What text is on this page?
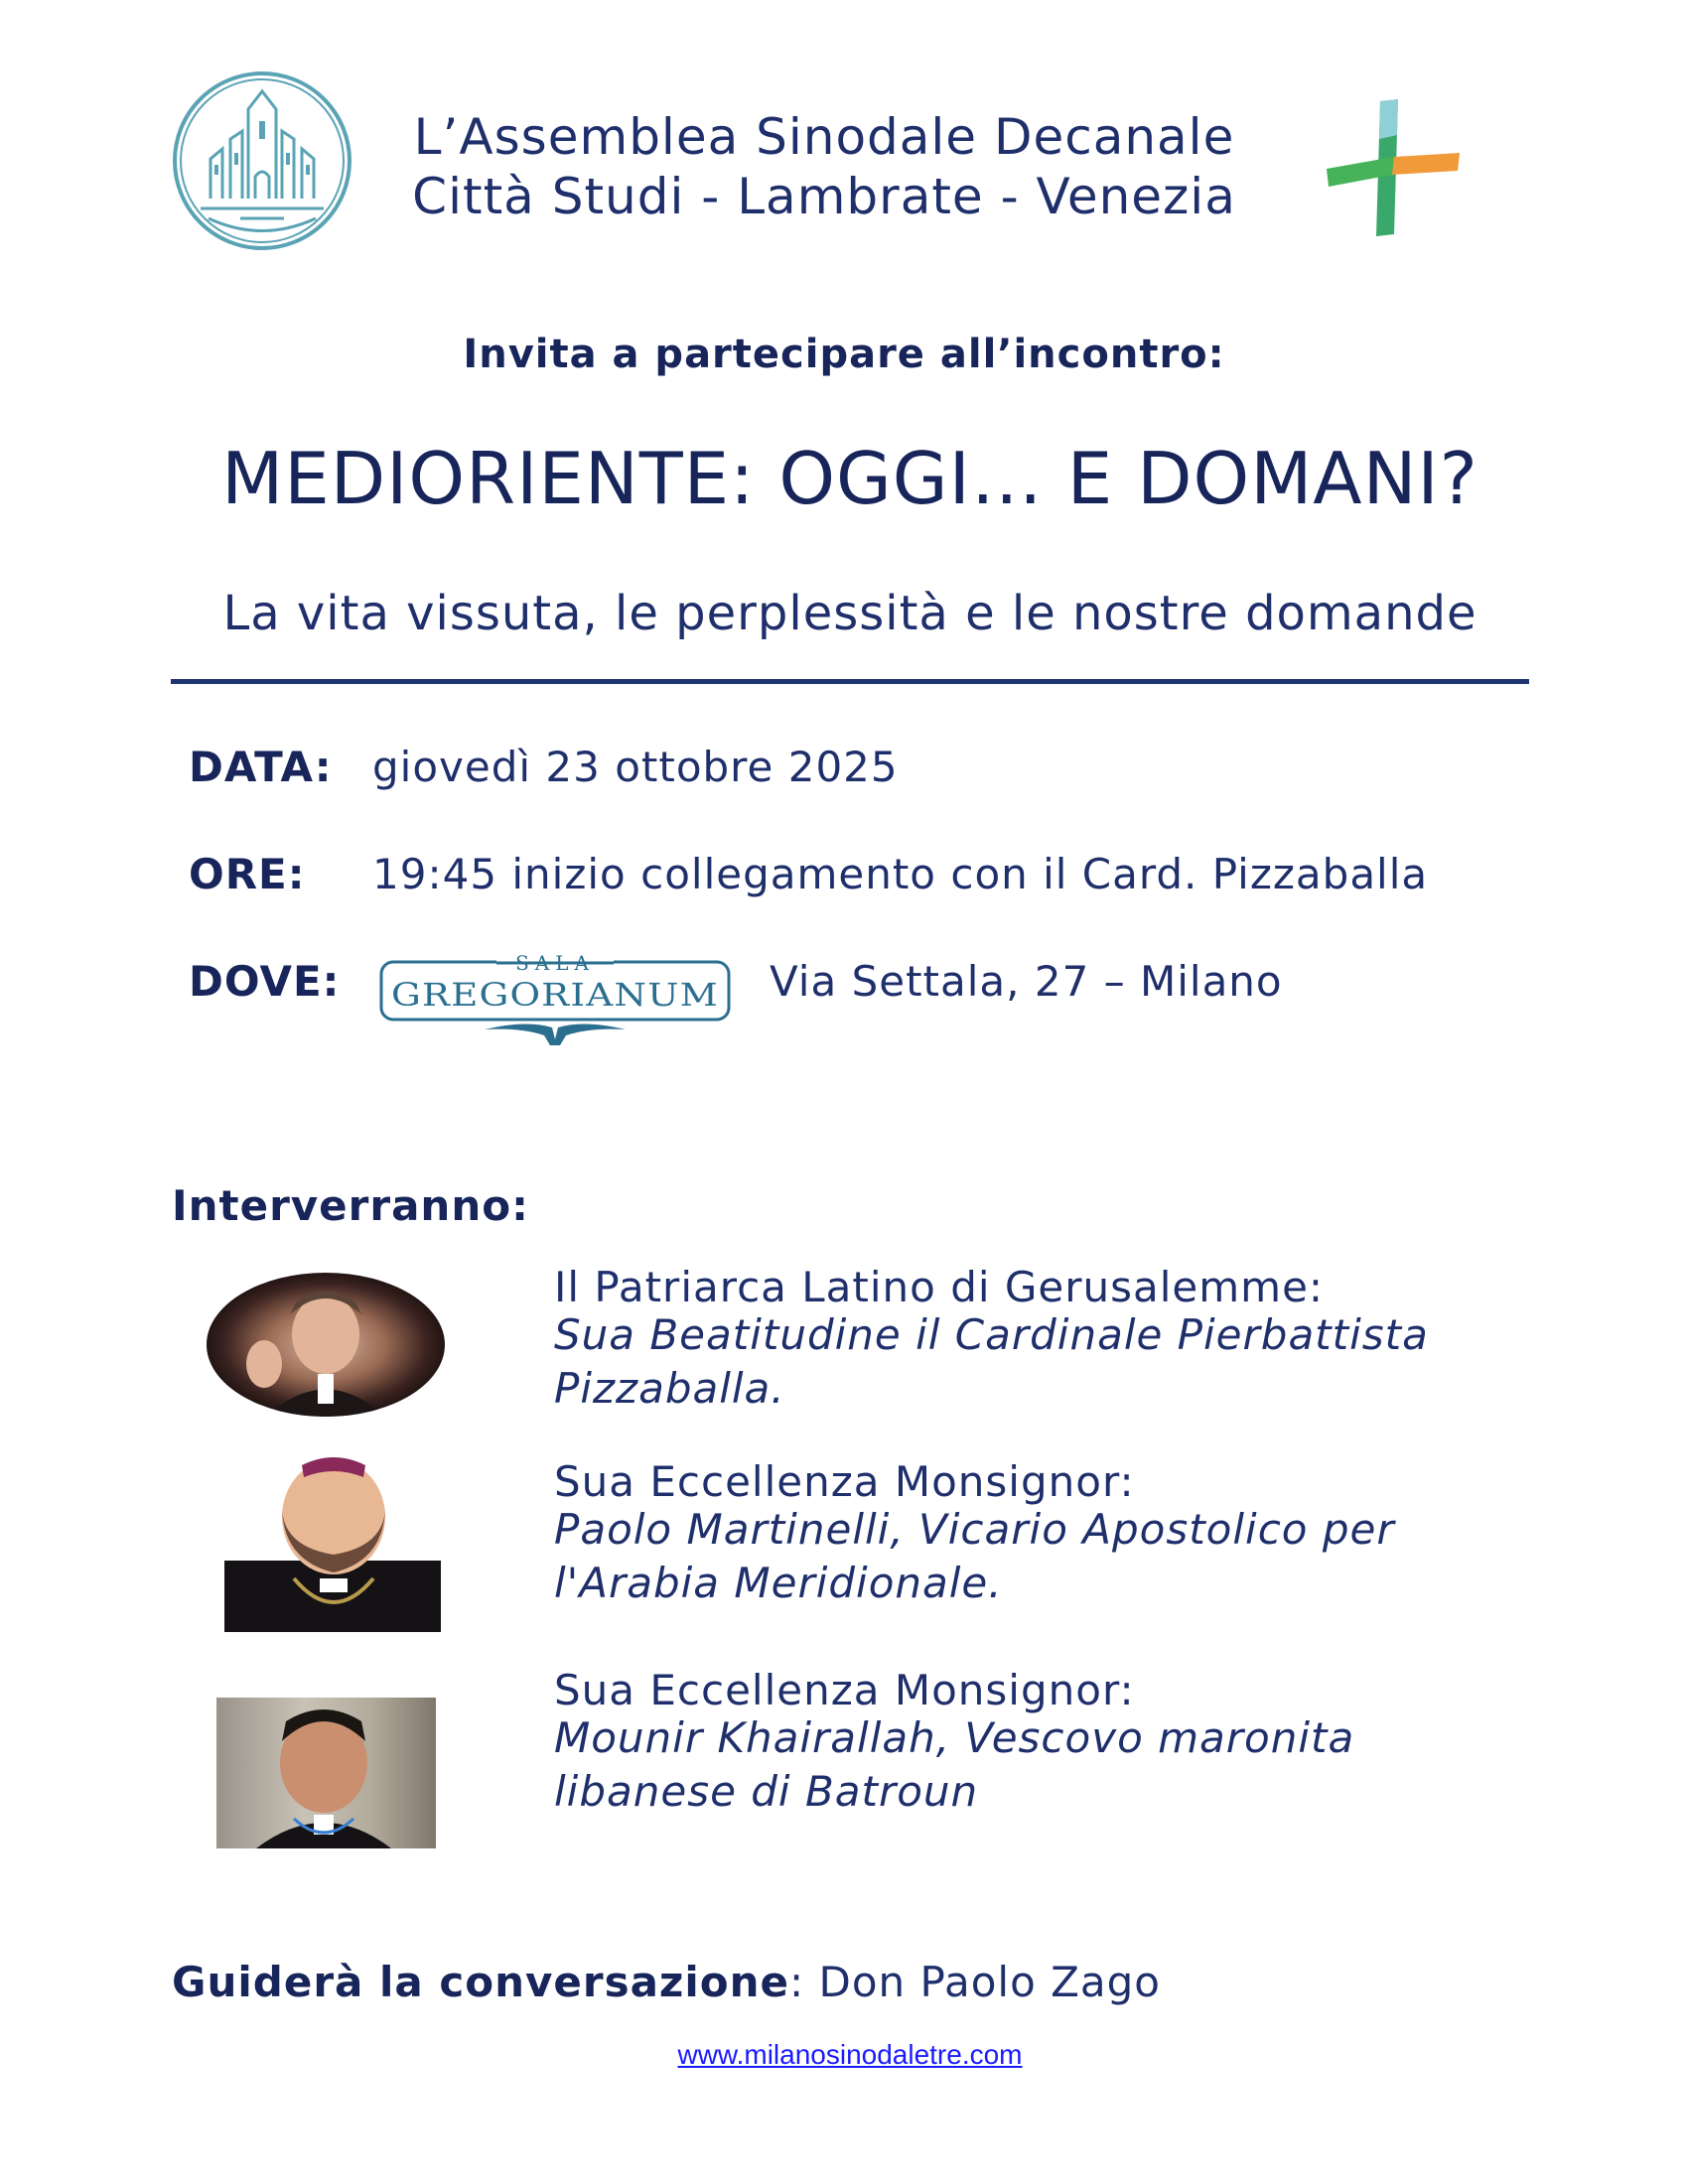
L’Assemblea Sinodale Decanale
Città Studi - Lambrate - Venezia
Invita a partecipare all’incontro:
MEDIORIENTE: OGGI… E DOMANI?
La vita vissuta, le perplessità e le nostre domande
DATA: giovedì 23 ottobre 2025
ORE: 19:45 inizio collegamento con il Card. Pizzaballa
DOVE:	SALA
GREGORIANUM Via Settala, 27 – Milano
Interverranno:
Il Patriarca Latino di Gerusalemme:
Sua Beatitudine il Cardinale Pierbattista Pizzaballa.
Sua Eccellenza Monsignor:
Paolo Martinelli, Vicario Apostolico per l'Arabia Meridionale.
Sua Eccellenza Monsignor:
Mounir Khairallah, Vescovo maronita libanese di Batroun
Guiderà la conversazione: Don Paolo Zago
www.milanosinodaletre.com
